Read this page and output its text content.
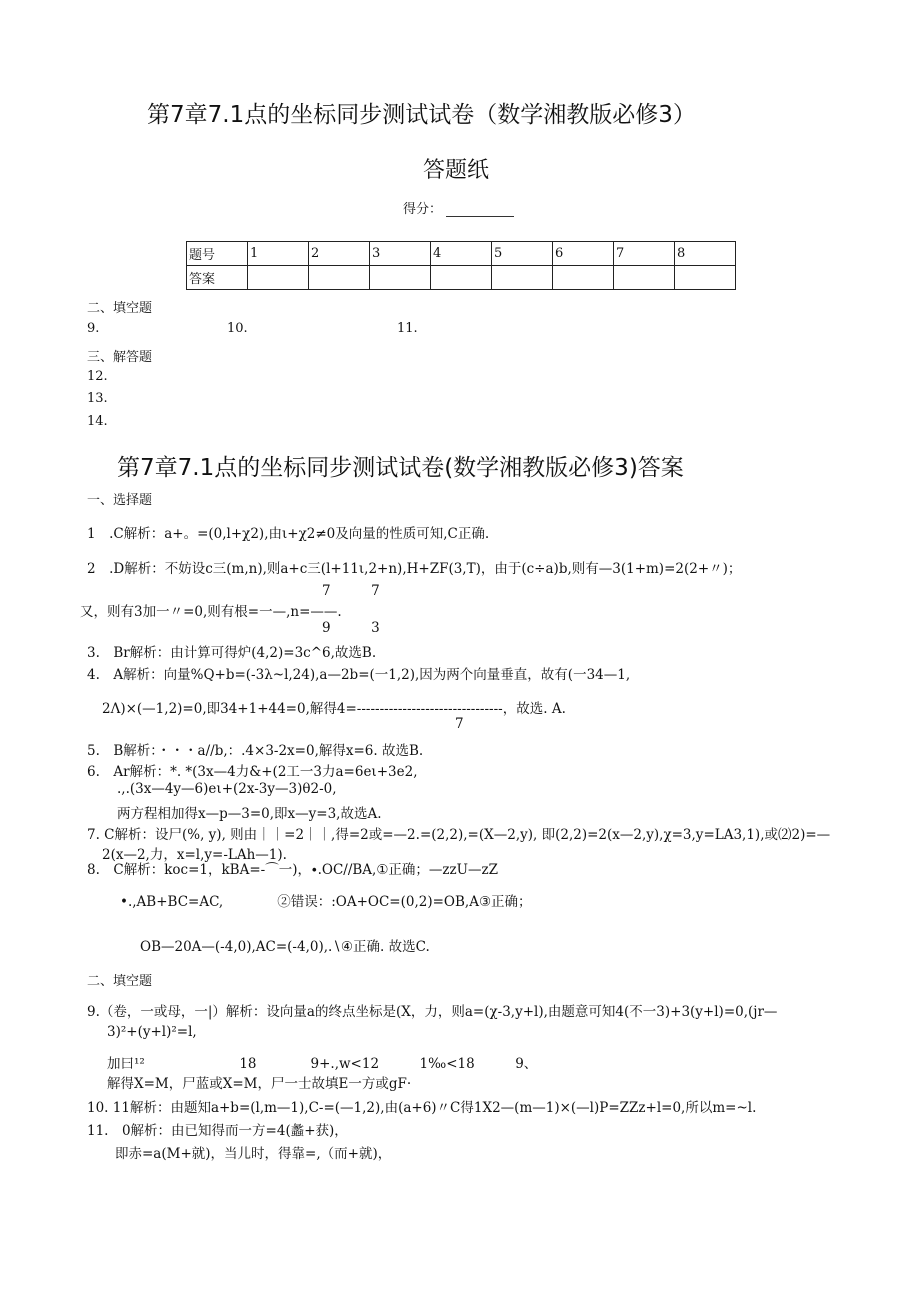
第7章7.1点的坐标同步测试试卷（数学湘教版必修3）
答题纸
得分：
题号	1	2	3	4	5	6	7	8
答案								
二、填空题
9.	10.	11.
三、解答题
12.
13.
14.
第7章7.1点的坐标同步测试试卷(数学湘教版必修3)答案
一、选择题
1　.C解析：a+。=(0,l+χ2),由ι+χ2≠0及向量的性质可知,C正确.
2　.D解析：不妨设c三(m,n),则a+c三(l+11ι,2+n),H+ZF(3,T)，由于(c÷a)b,则有—3(1+m)=2(2+〃)；
7　　　7
又，则有3加一〃=0,则有根=一—,n=——.
9　　　3
3.　Br解析：由计算可得炉(4,2)=3c^6,故选B.
4.　A解析：向量%Q+b=(-3λ~l,24),a—2b=(一1,2),因为两个向量垂直，故有(一34—1,
2Λ)×(—1,2)=0,即34+1+44=0,解得4=--------------------------------，故选. A.
7
5.　B解析：・・・a//b,：.4×3-2x=0,解得x=6. 故选B.
6.　Ar解析：*. *(3x—4力&+(2工一3力a=6eι+3e2,
.,.(3x—4y—6)eι+(2x-3y—3)θ2-0,
两方程相加得x—p—3=0,即x—y=3,故选A.
7. C解析：设尸(%, y), 则由｜｜=2｜｜,得=2或=—2.=(2,2),=(X—2,y), 即(2,2)=2(x—2,y),χ=3,y=LA3,1),或⑵2)=—
2(x—2,力，x=l,y=-LAh—1).
8.　C解析：koc=1，kBA=-⌒一)，∙.OC//BA,①正确；—zzU—zZ
•.,AB+BC=AC,　　　　②错误：:OA+OC=(0,2)=OB,A③正确；
OB—20A—(-4,0),AC=(-4,0),.∖④正确. 故选C.
二、填空题
9.（卷，一或母，一|）解析：设向量a的终点坐标是(X，力，则a=(χ-3,y+l),由题意可知4(不一3)+3(y+l)=0,(jr—
3)²+(y+l)²=l,
加曰¹²　　　　　　　18　　　　9+.,w<12　　　1‰<18　　　9、
解得X=M，尸蓝或X=M，尸一士故填E一方或gF·
10. 11解析：由题知a+b=(l,m—1),C-=(—1,2),由(a+6)〃C得1X2—(m—1)×(—l)P=ZZz+l=0,所以m=~l.
11.　0解析：由已知得而一方=4(蠡+获)，
即赤=a(M+就)，当儿时，得靠=,（而+就)，
